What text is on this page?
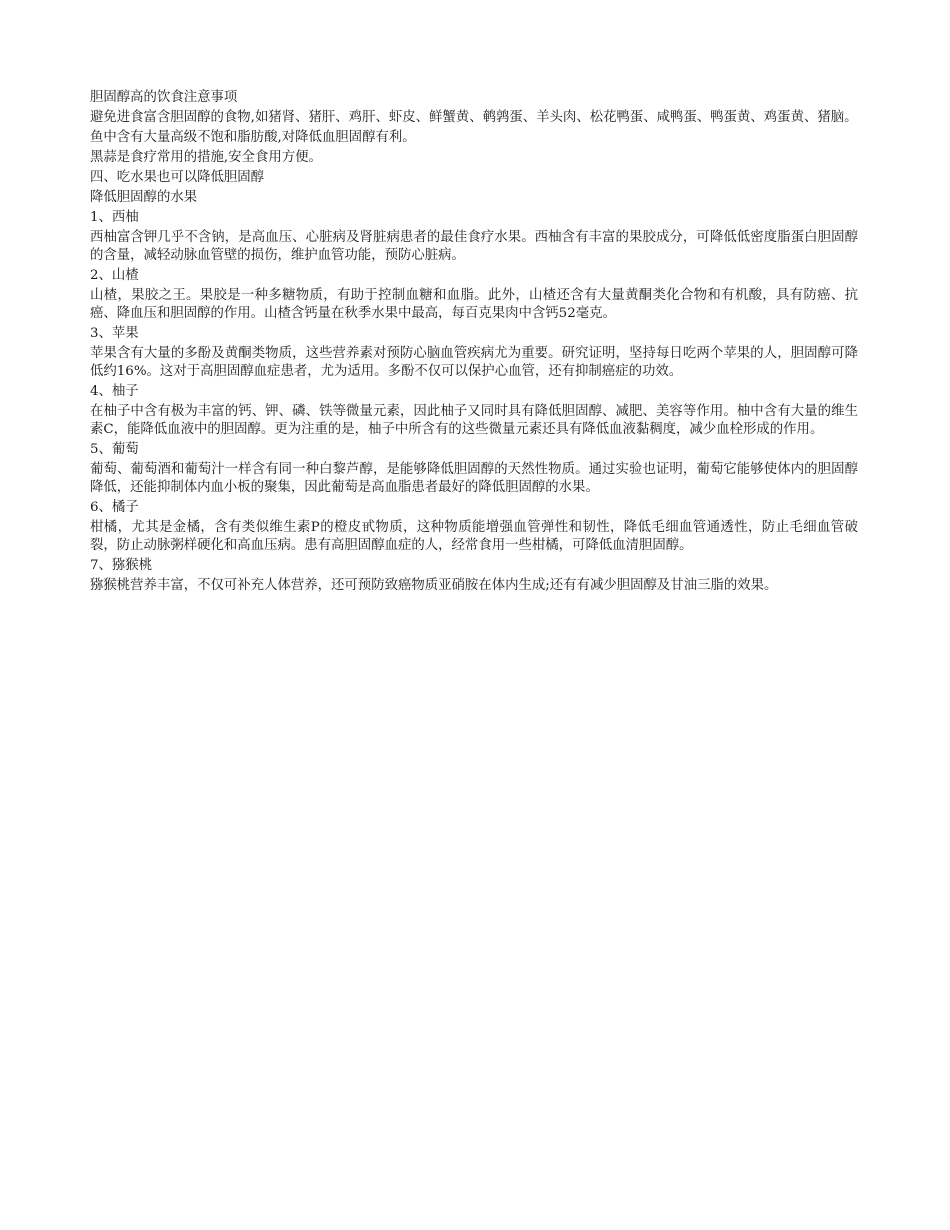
胆固醇高的饮食注意事项

避免进食富含胆固醇的食物,如猪肾、猪肝、鸡肝、虾皮、鲜蟹黄、鹌鹑蛋、羊头肉、松花鸭蛋、咸鸭蛋、鸭蛋黄、鸡蛋黄、猪脑。

鱼中含有大量高级不饱和脂肪酸,对降低血胆固醇有利。

黑蒜是食疗常用的措施,安全食用方便。

四、吃水果也可以降低胆固醇

降低胆固醇的水果

1、西柚

西柚富含钾几乎不含钠，是高血压、心脏病及肾脏病患者的最佳食疗水果。西柚含有丰富的果胶成分，可降低低密度脂蛋白胆固醇的含量，减轻动脉血管壁的损伤，维护血管功能，预防心脏病。

2、山楂

山楂，果胶之王。果胶是一种多糖物质，有助于控制血糖和血脂。此外，山楂还含有大量黄酮类化合物和有机酸，具有防癌、抗癌、降血压和胆固醇的作用。山楂含钙量在秋季水果中最高，每百克果肉中含钙52毫克。

3、苹果

苹果含有大量的多酚及黄酮类物质，这些营养素对预防心脑血管疾病尤为重要。研究证明，坚持每日吃两个苹果的人，胆固醇可降低约16%。这对于高胆固醇血症患者，尤为适用。多酚不仅可以保护心血管，还有抑制癌症的功效。

4、柚子

在柚子中含有极为丰富的钙、钾、磷、铁等微量元素，因此柚子又同时具有降低胆固醇、减肥、美容等作用。柚中含有大量的维生素C，能降低血液中的胆固醇。更为注重的是，柚子中所含有的这些微量元素还具有降低血液黏稠度，减少血栓形成的作用。

5、葡萄

葡萄、葡萄酒和葡萄汁一样含有同一种白黎芦醇，是能够降低胆固醇的天然性物质。通过实验也证明，葡萄它能够使体内的胆固醇降低，还能抑制体内血小板的聚集，因此葡萄是高血脂患者最好的降低胆固醇的水果。

6、橘子

柑橘，尤其是金橘，含有类似维生素P的橙皮甙物质，这种物质能增强血管弹性和韧性，降低毛细血管通透性，防止毛细血管破裂，防止动脉粥样硬化和高血压病。患有高胆固醇血症的人，经常食用一些柑橘，可降低血清胆固醇。

7、猕猴桃

猕猴桃营养丰富，不仅可补充人体营养，还可预防致癌物质亚硝胺在体内生成;还有有减少胆固醇及甘油三脂的效果。
